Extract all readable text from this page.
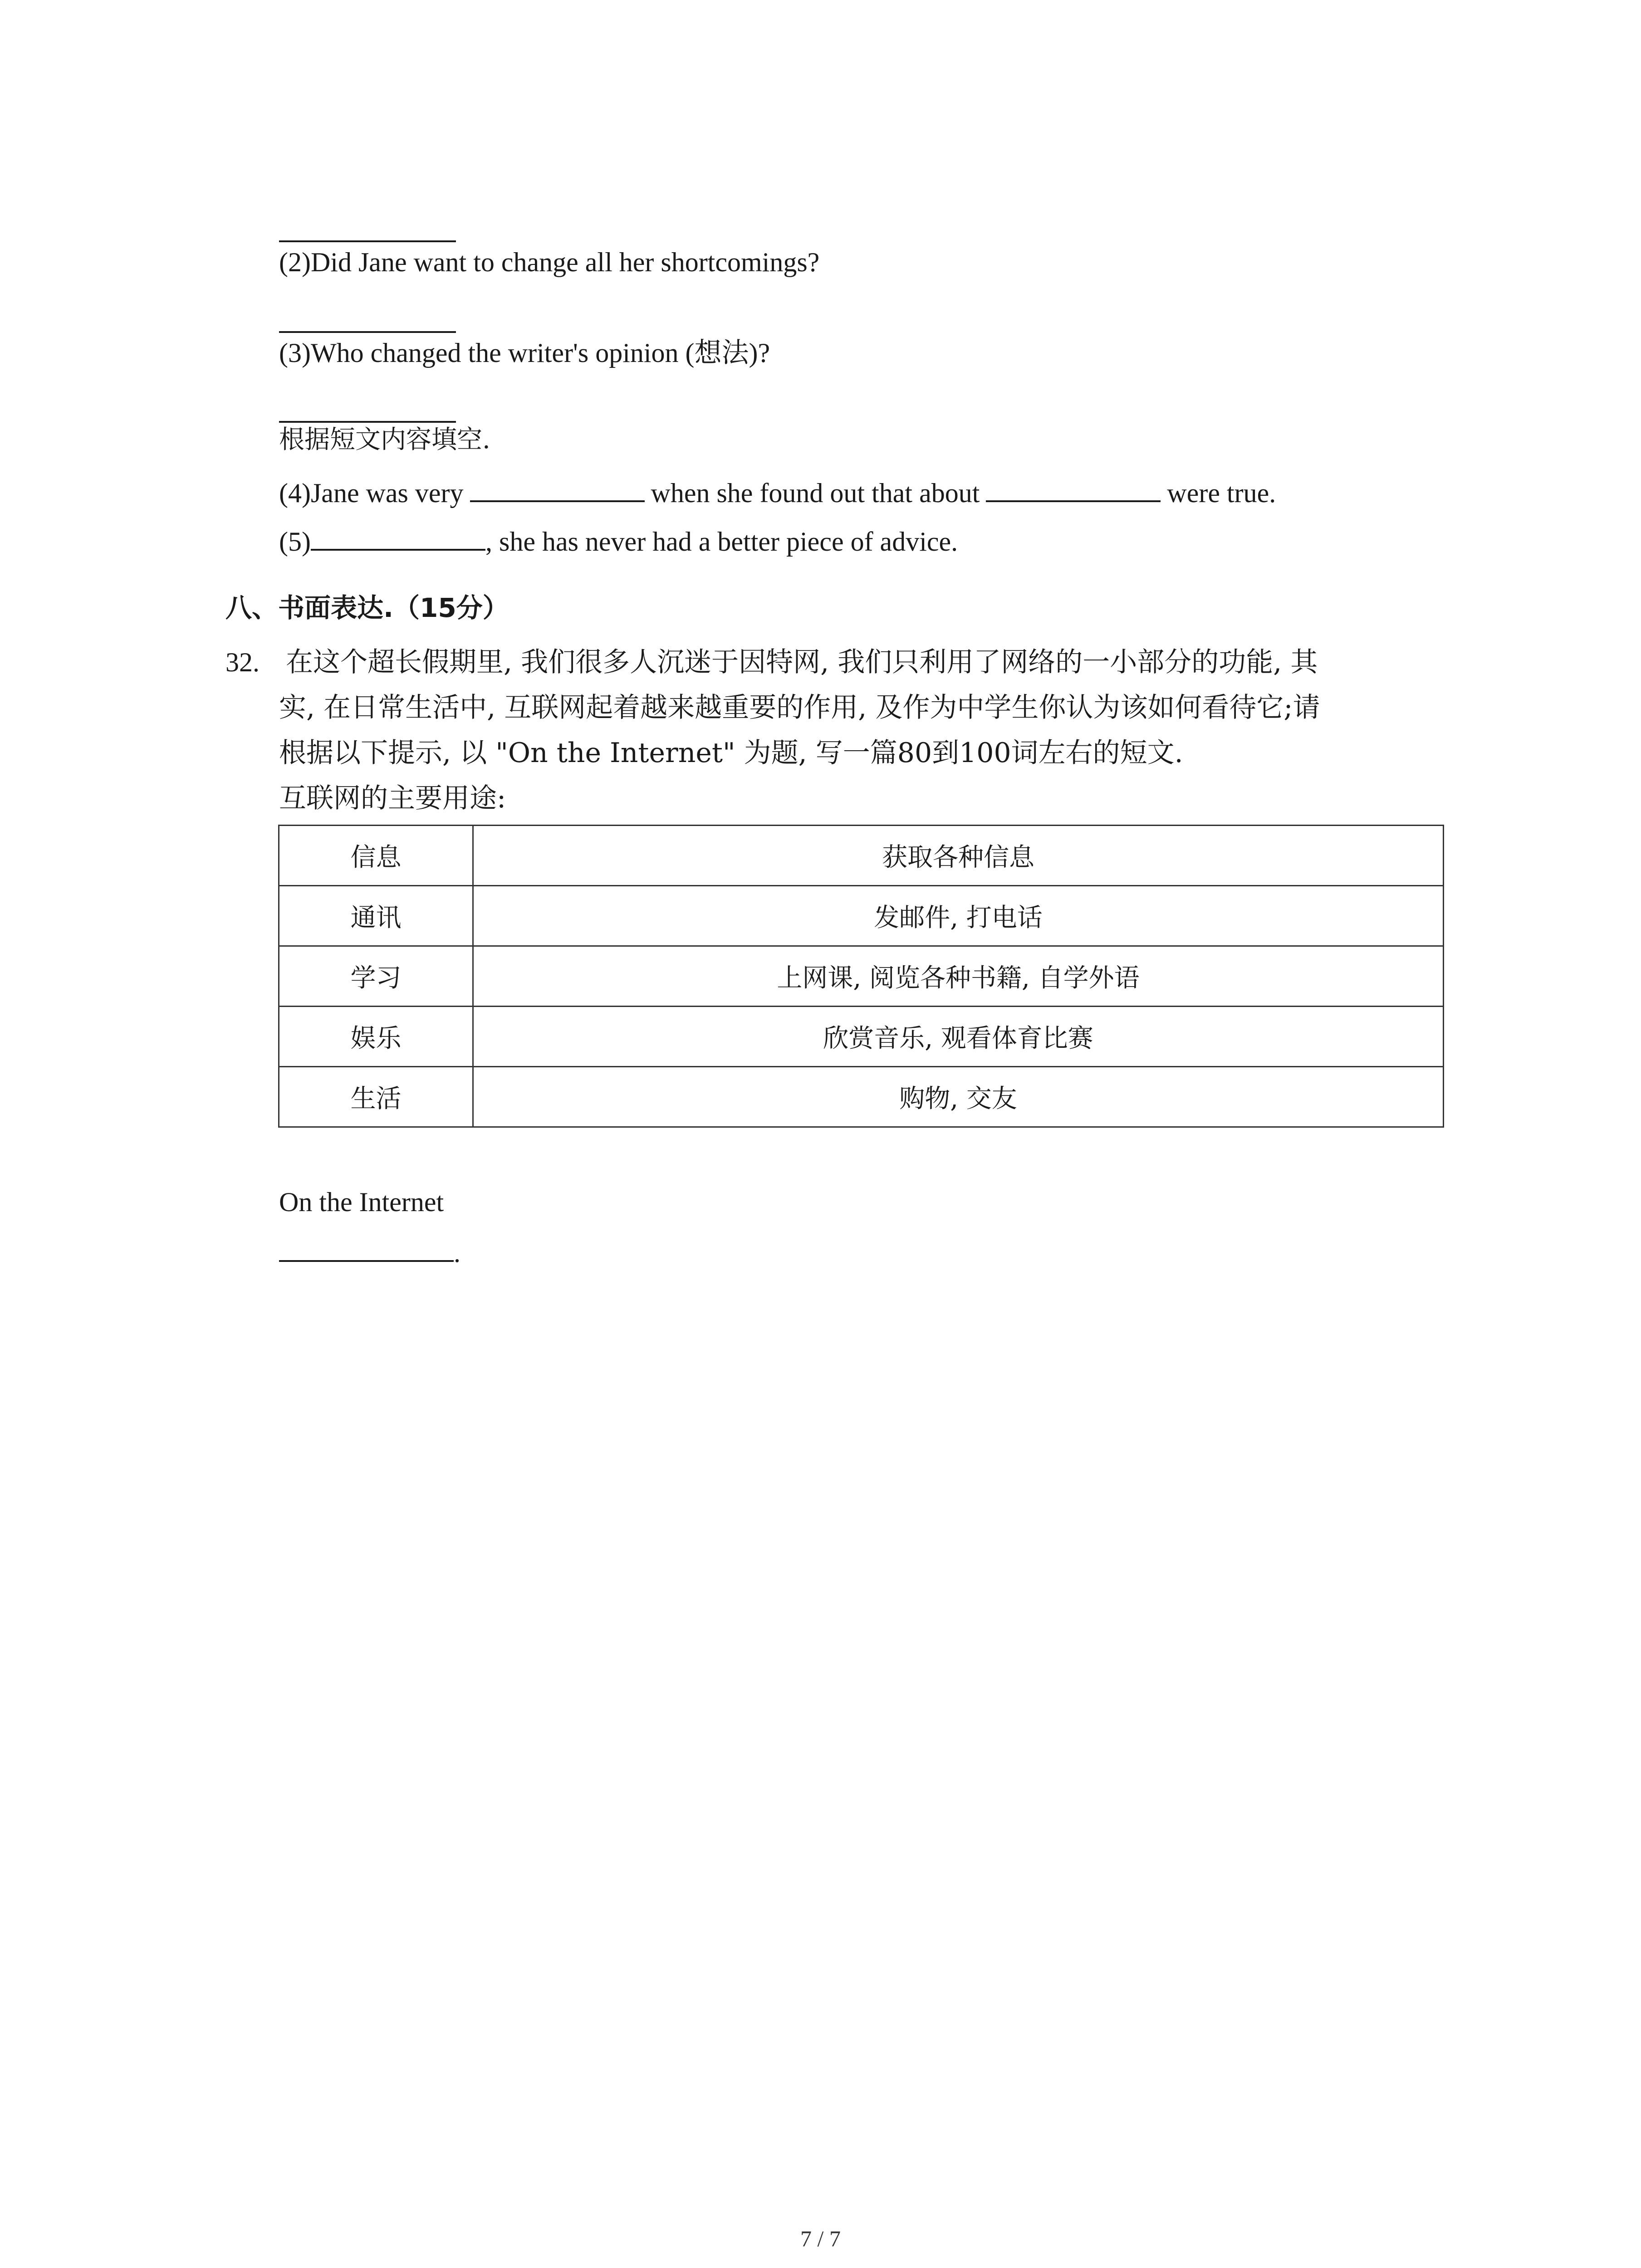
(2)Did Jane want to change all her shortcomings?
(3)Who changed the writer's opinion (想法)?
根据短文内容填空.
(4)Jane was very	when she found out that about	were true.
(5)	, she has never had a better piece of advice.
八、书面表达.（15分）
32. 在这个超长假期里, 我们很多人沉迷于因特网, 我们只利用了网络的一小部分的功能, 其
实, 在日常生活中, 互联网起着越来越重要的作用, 及作为中学生你认为该如何看待它;请
根据以下提示, 以 "On the Internet" 为题, 写一篇80到100词左右的短文.
互联网的主要用途:
信息	获取各种信息
通讯	发邮件, 打电话
学习	上网课, 阅览各种书籍, 自学外语
娱乐	欣赏音乐, 观看体育比赛
生活	购物, 交友
On the Internet
.
7 / 7
